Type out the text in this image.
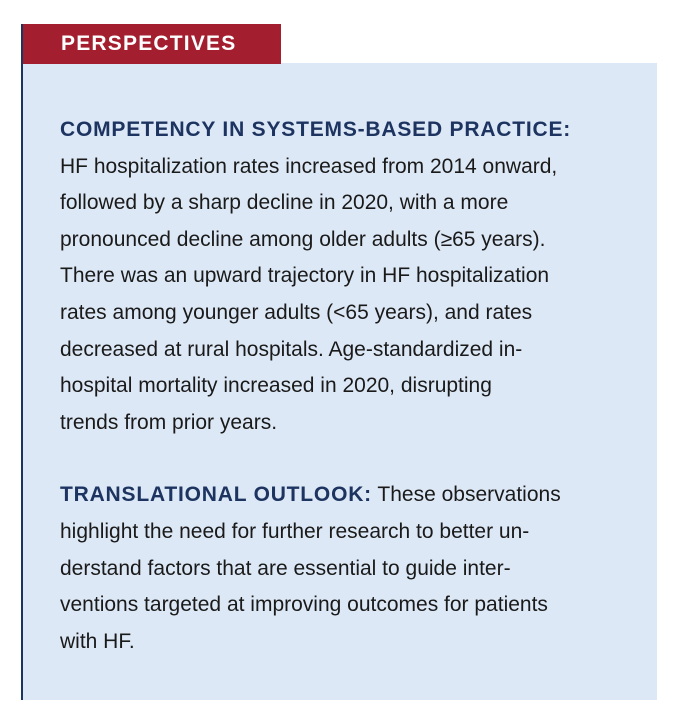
PERSPECTIVES

COMPETENCY IN SYSTEMS-BASED PRACTICE:
HF hospitalization rates increased from 2014 onward,
followed by a sharp decline in 2020, with a more
pronounced decline among older adults (≥65 years).
There was an upward trajectory in HF hospitalization
rates among younger adults (<65 years), and rates
decreased at rural hospitals. Age-standardized in-
hospital mortality increased in 2020, disrupting
trends from prior years.

TRANSLATIONAL OUTLOOK: These observations
highlight the need for further research to better un-
derstand factors that are essential to guide inter-
ventions targeted at improving outcomes for patients
with HF.
